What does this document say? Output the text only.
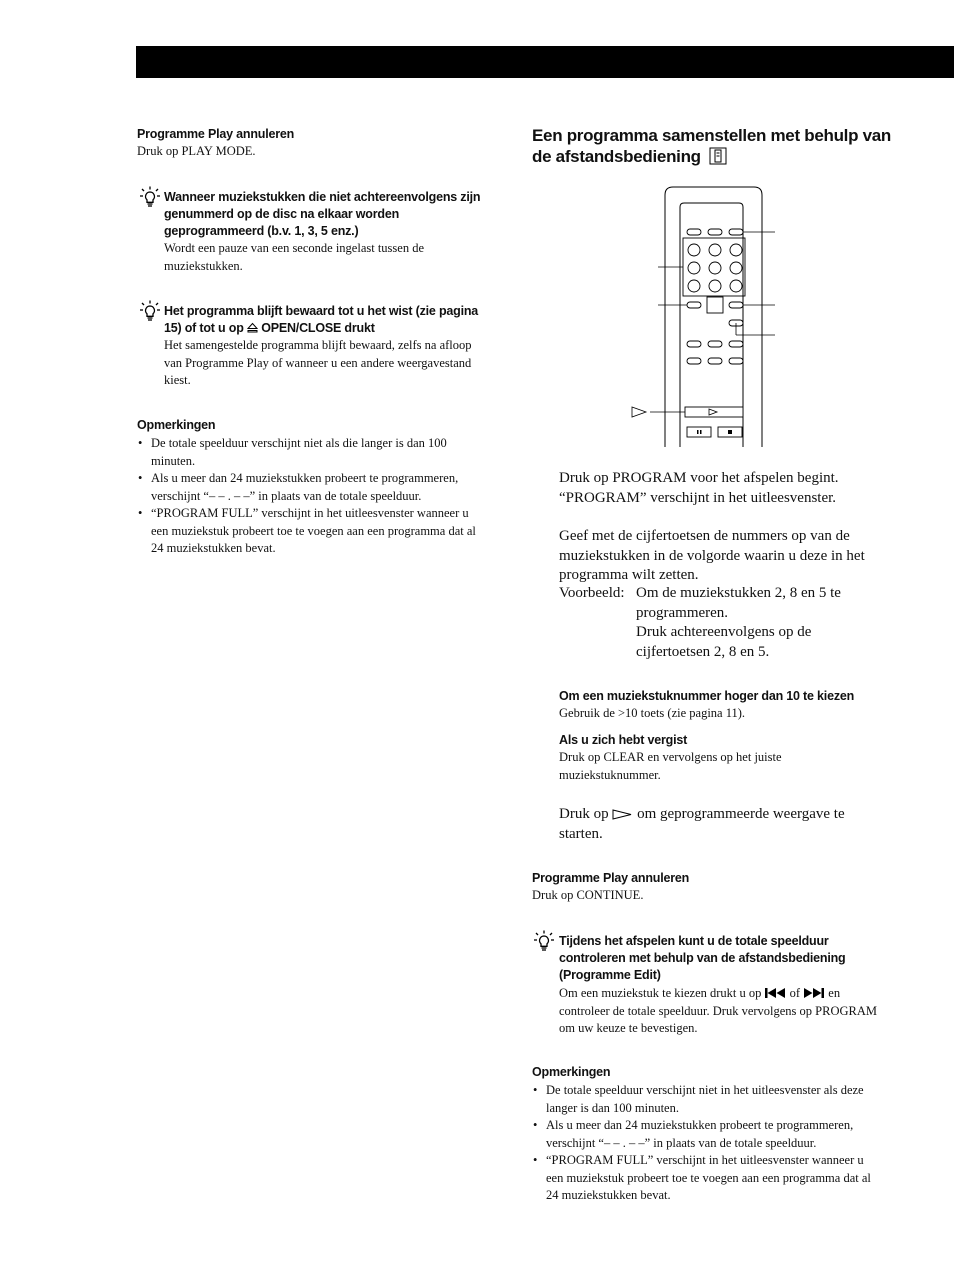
Programme Play annuleren
Druk op PLAY MODE.
Wanneer muziekstukken die niet achtereenvolgens zijn genummerd op de disc na elkaar worden geprogrammeerd (b.v. 1, 3, 5 enz.)
Wordt een pauze van een seconde ingelast tussen de muziekstukken.
Het programma blijft bewaard tot u het wist (zie pagina 15) of tot u op OPEN/CLOSE drukt
Het samengestelde programma blijft bewaard, zelfs na afloop van Programme Play of wanneer u een andere weergavestand kiest.
Opmerkingen
• De totale speelduur verschijnt niet als die langer is dan 100 minuten.
• Als u meer dan 24 muziekstukken probeert te programmeren, verschijnt “– – . – –” in plaats van de totale speelduur.
• “PROGRAM FULL” verschijnt in het uitleesvenster wanneer u een muziekstuk probeert toe te voegen aan een programma dat al 24 muziekstukken bevat.
Een programma samenstellen met behulp van de afstandsbediening
Druk op PROGRAM voor het afspelen begint. “PROGRAM” verschijnt in het uitleesvenster.
Geef met de cijfertoetsen de nummers op van de muziekstukken in de volgorde waarin u deze in het programma wilt zetten.
Voorbeeld: Om de muziekstukken 2, 8 en 5 te programmeren.
Druk achtereenvolgens op de cijfertoetsen 2, 8 en 5.
Om een muziekstuknummer hoger dan 10 te kiezen
Gebruik de >10 toets (zie pagina 11).
Als u zich hebt vergist
Druk op CLEAR en vervolgens op het juiste muziekstuknummer.
Druk op om geprogrammeerde weergave te starten.
Programme Play annuleren
Druk op CONTINUE.
Tijdens het afspelen kunt u de totale speelduur controleren met behulp van de afstandsbediening (Programme Edit)
Om een muziekstuk te kiezen drukt u op of en controleer de totale speelduur. Druk vervolgens op PROGRAM om uw keuze te bevestigen.
Opmerkingen
• De totale speelduur verschijnt niet in het uitleesvenster als deze langer is dan 100 minuten.
• Als u meer dan 24 muziekstukken probeert te programmeren, verschijnt “– – . – –” in plaats van de totale speelduur.
• “PROGRAM FULL” verschijnt in het uitleesvenster wanneer u een muziekstuk probeert toe te voegen aan een programma dat al 24 muziekstukken bevat.
